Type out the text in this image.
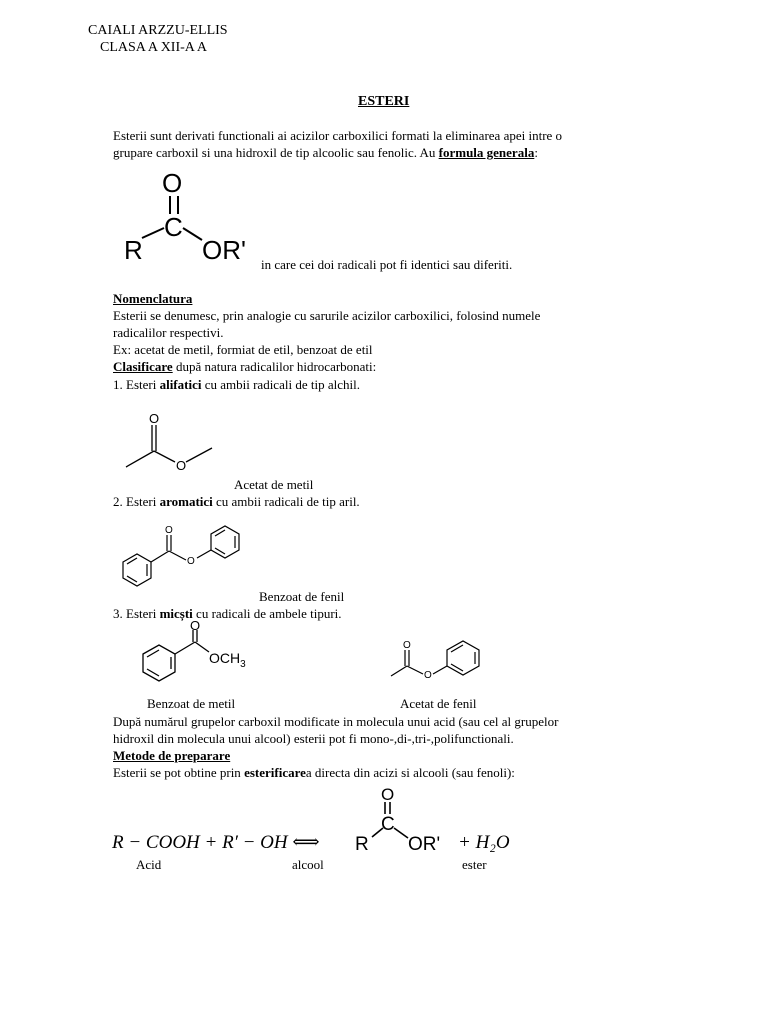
CAIALI ARZZU-ELLIS
CLASA A XII-A A
ESTERI
Esterii sunt derivati functionali ai acizilor carboxilici formati la eliminarea apei intre o
grupare carboxil si una hidroxil de tip alcoolic sau fenolic. Au formula generala:
O
C
R OR' in care cei doi radicali pot fi identici sau diferiti.
Nomenclatura
Esterii se denumesc, prin analogie cu sarurile acizilor carboxilici, folosind numele
radicalilor respectivi.
Ex: acetat de metil, formiat de etil, benzoat de etil
Clasificare după natura radicalilor hidrocarbonati:
1. Esteri alifatici cu ambii radicali de tip alchil.
O
O
Acetat de metil
2. Esteri aromatici cu ambii radicali de tip aril.
O
O
Benzoat de fenil
3. Esteri micști cu radicali de ambele tipuri.
O
$OCH_3$
Benzoat de metil
O
O
Acetat de fenil
După numărul grupelor carboxil modificate in molecula unui acid (sau cel al grupelor
hidroxil din molecula unui alcool) esterii pot fi mono-,di-,tri-,polifunctionali.
Metode de preparare
Esterii se pot obtine prin esterificarea directa din acizi si alcooli (sau fenoli):
R − COOH + R′ − OH ⟺
O
C
R OR' + H₂O
Acid	alcool	ester
